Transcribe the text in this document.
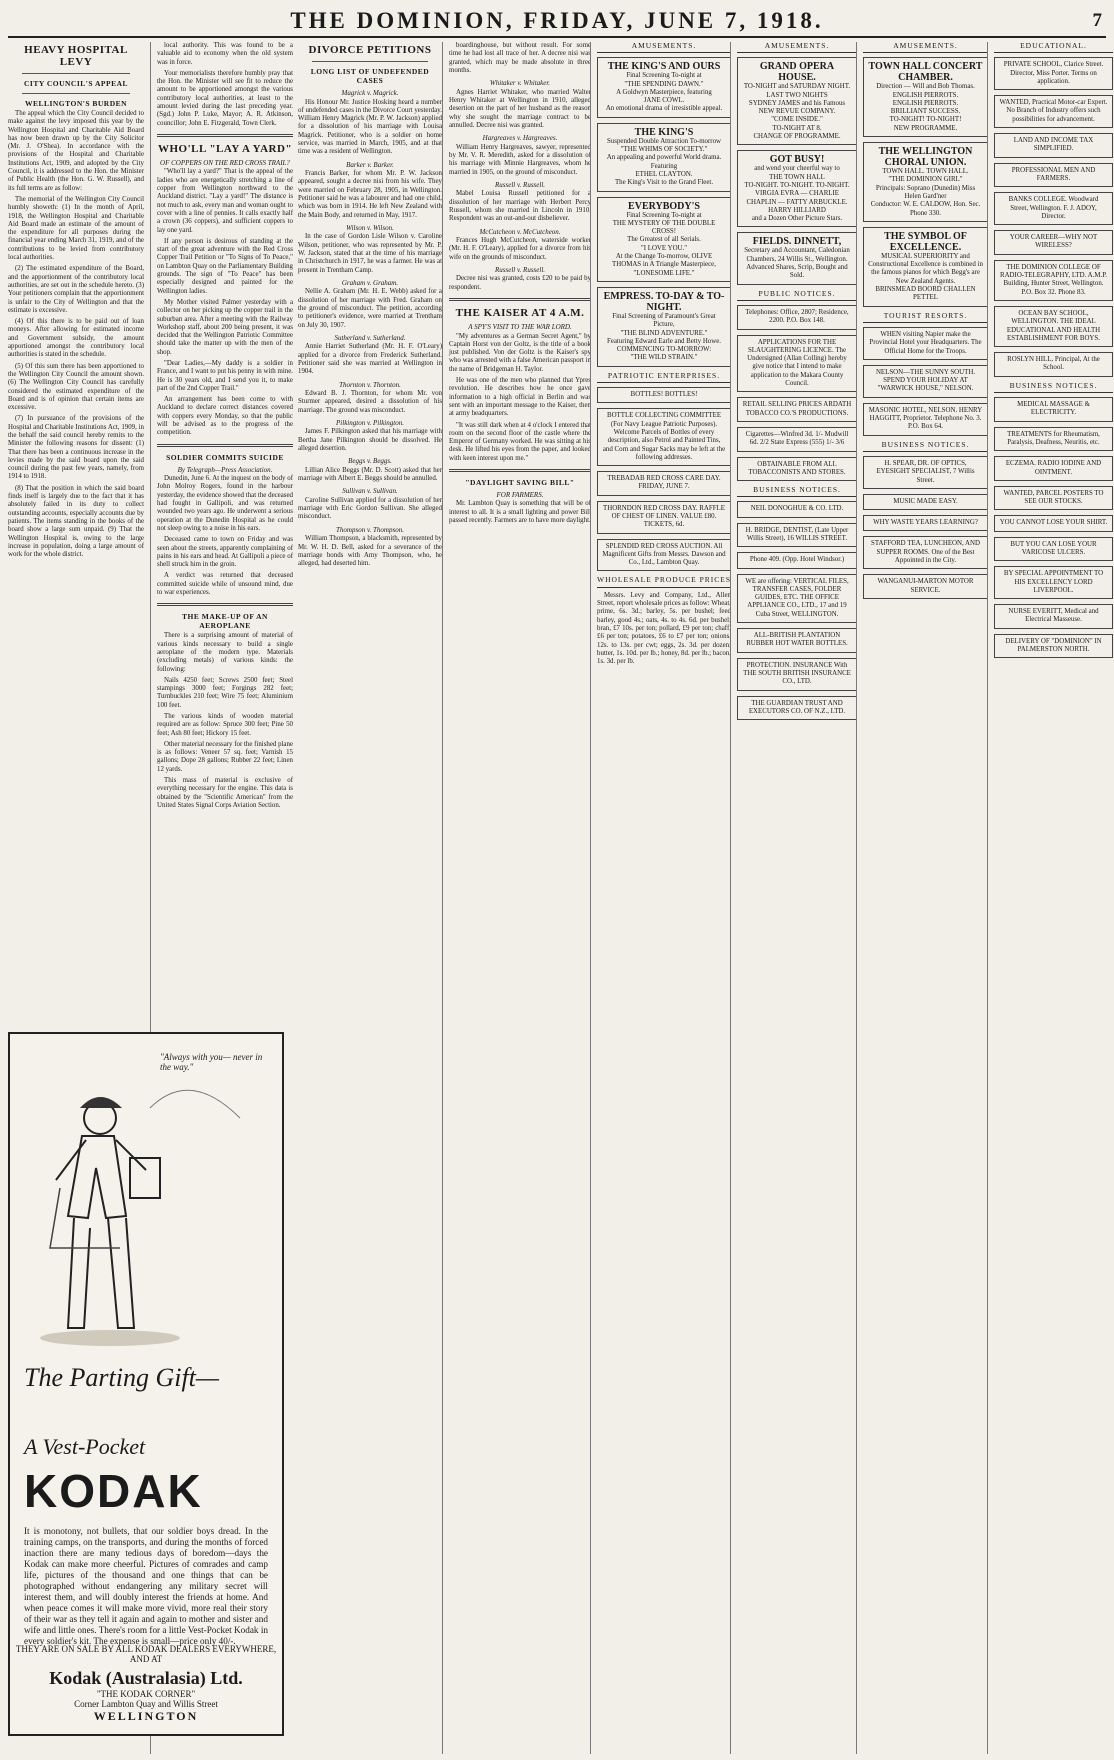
THE DOMINION, FRIDAY, JUNE 7, 1918.	7
HEAVY HOSPITAL LEVY
CITY COUNCIL'S APPEAL
WELLINGTON'S BURDEN

The appeal which the City Council decided to make against the levy imposed this year by the Wellington Hospital and Charitable Aid Board has now been drawn up by the City Solicitor (Mr. J. O'Shea). In accordance with the provisions of the Hospital and Charitable Institutions Act, 1909, and adopted by the City Council, it is addressed to the Hon. the Minister of Public Health (the Hon. G. W. Russell), and its full terms are as follow:

The memorial of the Wellington City Council humbly showeth: (1) In the month of April, 1918, the Wellington Hospital and Charitable Aid Board made an estimate of the amount of the expenditure for all purposes during the financial year ending March 31, 1919, and of the contributions to be levied from contributory local authorities.

(2) The estimated expenditure of the Board, and the apportionment of the contributory local authorities, are set out in the schedule hereto. (3) Your petitioners complain that the apportionment is unfair to the City of Wellington and that the estimate is excessive.

(4) Of this there is to be paid out of loan moneys. After allowing for estimated income and Government subsidy, the amount apportioned amongst the contributory local authorities is stated in the schedule.

(5) Of this sum there has been apportioned to the Wellington City Council the amount shown. (6) The Wellington City Council has carefully considered the estimated expenditure of the Board and is of opinion that certain items are excessive.

(7) In pursuance of the provisions of the Hospital and Charitable Institutions Act, 1909, in the behalf the said council hereby remits to the Minister the following reasons for dissent: (1) That there has been a continuous increase in the levies made by the said board upon the said council during the past few years, namely, from 1914 to 1918.

(8) That the position in which the said board finds itself is largely due to the fact that it has absolutely failed in its duty to collect outstanding accounts, especially accounts due by patients. The items standing in the books of the board show a large sum unpaid. (9) That the Wellington Hospital is, owing to the large increase in population, doing a large amount of work for the whole district.

local authority. This was found to be a valuable aid to economy when the old system was in force.

Your memorialists therefore humbly pray that the Hon. the Minister will see fit to reduce the amount to be apportioned amongst the various contributory local authorities, at least to the amount levied during the last preceding year. (Sgd.) John P. Luke, Mayor; A. R. Atkinson, councillor; John E. Fitzgerald, Town Clerk.

WHO'LL "LAY A YARD"
OF COPPERS ON THE RED CROSS TRAIL?

"Who'll lay a yard?" That is the appeal of the ladies who are energetically stretching a line of copper from Wellington northward to the Auckland district. "Lay a yard!" The distance is not much to ask, every man and woman ought to cover with a line of pennies. It calls exactly half a crown (36 coppers), and sufficient coppers to lay one yard.

If any person is desirous of standing at the start of the great adventure with the Red Cross Copper Trail Petition or "To Signs of To Peace," on Lambton Quay on the Parliamentary Building grounds. The sign of "To Peace" has been especially designed and painted for the Wellington ladies.

My Mother visited Palmer yesterday with a collector on her picking up the copper trail in the suburban area. After a meeting with the Railway Workshop staff, about 200 being present, it was decided that the Wellington Patriotic Committee should take the matter up with the men of the shop.

"Dear Ladies,—My daddy is a soldier in France, and I want to put his penny in with mine. He is 30 years old, and I send you it, to make part of the 2nd Copper Trail."

An arrangement has been come to with Auckland to declare correct distances covered with coppers every Monday, so that the public will be advised as to the progress of the competition.

SOLDIER COMMITS SUICIDE
By Telegraph—Press Association.

Dunedin, June 6. At the inquest on the body of John Molroy Rogers, found in the harbour yesterday, the evidence showed that the deceased had fought in Gallipoli, and was returned wounded two years ago. He underwent a serious operation at the Dunedin Hospital as he could not sleep owing to a noise in his ears.

Deceased came to town on Friday and was seen about the streets, apparently complaining of pains in his ears and head. At Gallipoli a piece of shell struck him in the groin.

A verdict was returned that deceased committed suicide while of unsound mind, due to war experiences.

THE MAKE-UP OF AN AEROPLANE

There is a surprising amount of material of various kinds necessary to build a single aeroplane of the modern type. Materials (excluding metals) of various kinds: the following:

Nails 4250 feet; Screws 2500 feet; Steel stampings 3000 feet; Forgings 282 feet; Turnbuckles 210 feet; Wire 75 feet; Aluminium 100 feet.

The various kinds of wooden material required are as follow: Spruce 300 feet; Pine 50 feet; Ash 80 feet; Hickory 15 feet.

Other material necessary for the finished plane is as follows: Veneer 57 sq. feet; Varnish 15 gallons; Dope 28 gallons; Rubber 22 feet; Linen 12 yards.

This mass of material is exclusive of everything necessary for the engine. This data is obtained by the "Scientific American" from the United States Signal Corps Aviation Section.

"Always with you— never in the way."
The Parting Gift—
A Vest-Pocket
KODAK
It is monotony, not bullets, that our soldier boys dread. In the training camps, on the transports, and during the months of forced inaction there are many tedious days of boredom—days the Kodak can make more cheerful. Pictures of comrades and camp life, pictures of the thousand and one things that can be photographed without endangering any military secret will interest them, and will doubly interest the friends at home. And when peace comes it will make more vivid, more real their story of their war as they tell it again and again to mother and sister and wife and little ones. There's room for a little Vest-Pocket Kodak in every soldier's kit. The expense is small—price only 40/-.
THEY ARE ON SALE BY ALL KODAK DEALERS EVERYWHERE, AND AT
Kodak (Australasia) Ltd.
"THE KODAK CORNER"
Corner Lambton Quay and Willis Street
WELLINGTON
DIVORCE PETITIONS
LONG LIST OF UNDEFENDED CASES
Magrick v. Magrick.

His Honour Mr. Justice Hosking heard a number of undefended cases in the Divorce Court yesterday. William Henry Magrick (Mr. P. W. Jackson) applied for a dissolution of his marriage with Louisa Magrick. Petitioner, who is a soldier on home service, was married in March, 1905, and at that time was a resident of Wellington.

Barker v. Barker.

Francis Barker, for whom Mr. P. W. Jackson appeared, sought a decree nisi from his wife. They were married on February 28, 1905, in Wellington. Petitioner said he was a labourer and had one child, which was born in 1914. He left New Zealand with the Main Body, and returned in May, 1917.

Wilson v. Wilson.

In the case of Gordon Lisle Wilson v. Caroline Wilson, petitioner, who was represented by Mr. P. W. Jackson, stated that at the time of his marriage in Christchurch in 1917, he was a farmer. He was at present in Trentham Camp.

Graham v. Graham.

Nellie A. Graham (Mr. H. E. Webb) asked for a dissolution of her marriage with Fred. Graham on the ground of misconduct. The petition, according to petitioner's evidence, were married at Trentham on July 30, 1907.

Sutherland v. Sutherland.

Annie Harriet Sutherland (Mr. H. F. O'Leary) applied for a divorce from Frederick Sutherland. Petitioner said she was married at Wellington in 1904.

Thornton v. Thornton.

Edward B. J. Thornton, for whom Mr. von Sturmer appeared, desired a dissolution of his marriage. The ground was misconduct.

Pilkington v. Pilkington.

James F. Pilkington asked that his marriage with Bertha Jane Pilkington should be dissolved. He alleged desertion.

Beggs v. Beggs.

Lillian Alice Beggs (Mr. D. Scott) asked that her marriage with Albert E. Beggs should be annulled.

Sullivan v. Sullivan.

Caroline Sullivan applied for a dissolution of her marriage with Eric Gordon Sullivan. She alleged misconduct.

Thompson v. Thompson.

William Thompson, a blacksmith, represented by Mr. W. H. D. Bell, asked for a severance of the marriage bonds with Amy Thompson, who, he alleged, had deserted him.

boardinghouse, but without result. For some time he had lost all trace of her. A decree nisi was granted, which may be made absolute in three months.

Whitaker v. Whitaker.

Agnes Harriet Whitaker, who married Walter Henry Whitaker at Wellington in 1910, alleged desertion on the part of her husband as the reason why she sought the marriage contract to be annulled. Decree nisi was granted.

Hargreaves v. Hargreaves.

William Henry Hargreaves, sawyer, represented by Mr. V. R. Meredith, asked for a dissolution of his marriage with Minnie Hargreaves, whom he married in 1905, on the ground of misconduct.

Russell v. Russell.

Mabel Louisa Russell petitioned for a dissolution of her marriage with Herbert Percy Russell, whom she married in Lincoln in 1910. Respondent was an out-and-out disbeliever.

McCutcheon v. McCutcheon.

Frances Hugh McCutcheon, waterside worker (Mr. H. F. O'Leary), applied for a divorce from his wife on the grounds of misconduct.

Russell v. Russell.

Decree nisi was granted, costs £20 to be paid by respondent.

THE KAISER AT 4 A.M.
A SPY'S VISIT TO THE WAR LORD.

"My adventures as a German Secret Agent," by Captain Horst von der Goltz, is the title of a book just published. Von der Goltz is the Kaiser's spy who was arrested with a false American passport in the name of Bridgeman H. Taylor.

He was one of the men who planned that Ypres revolution. He describes how he once gave information to a high official in Berlin and was sent with an important message to the Kaiser, then at army headquarters.

"It was still dark when at 4 o'clock I entered that room on the second floor of the castle where the Emperor of Germany worked. He was sitting at his desk. He lifted his eyes from the paper, and looked with keen interest upon me."

"DAYLIGHT SAVING BILL"
FOR FARMERS.

Mr. Lambton Quay is something that will be of interest to all. It is a small lighting and power Bill passed recently. Farmers are to have more daylight.

AMUSEMENTS.
THE KING'S AND OURS
Final Screening To-night at
"THE SPENDING DAWN."
A Goldwyn Masterpiece, featuring
JANE COWL.
An emotional drama of irresistible appeal.
THE KING'S
Suspended Double Attraction To-morrow
"THE WHIMS OF SOCIETY."
An appealing and powerful World drama. Featuring
ETHEL CLAYTON.
The King's Visit to the Grand Fleet.
EVERYBODY'S
Final Screening To-night at
THE MYSTERY OF THE DOUBLE CROSS!
The Greatest of all Serials.
"I LOVE YOU."
At the Change To-morrow, OLIVE THOMAS in A Triangle Masterpiece, "LONESOME LIFE."
EMPRESS. TO-DAY & TO-NIGHT.
Final Screening of Paramount's Great Picture,
"THE BLIND ADVENTURE."
Featuring Edward Earle and Betty Howe.
COMMENCING TO-MORROW:
"THE WILD STRAIN."
PATRIOTIC ENTERPRISES.
BOTTLES! BOTTLES!
BOTTLE COLLECTING COMMITTEE (For Navy League Patriotic Purposes). Welcome Parcels of Bottles of every description, also Petrol and Painted Tins, and Corn and Sugar Sacks may be left at the following addresses.
TREBADAB RED CROSS CARE DAY. FRIDAY, JUNE 7.
THORNDON RED CROSS DAY. RAFFLE OF CHEST OF LINEN. VALUE £80. TICKETS, 6d.
SPLENDID RED CROSS AUCTION. All Magnificent Gifts from Messrs. Dawson and Co., Ltd., Lambton Quay.
WHOLESALE PRODUCE PRICES

Messrs. Levy and Company, Ltd., Allen Street, report wholesale prices as follow: Wheat, prime, 6s. 3d.; barley, 5s. per bushel; feed barley, good 4s.; oats, 4s. to 4s. 6d. per bushel; bran, £7 10s. per ton; pollard, £9 per ton; chaff, £6 per ton; potatoes, £6 to £7 per ton; onions, 12s. to 13s. per cwt; eggs, 2s. 3d. per dozen; butter, 1s. 10d. per lb.; honey, 8d. per lb.; bacon, 1s. 3d. per lb.

AMUSEMENTS.
GRAND OPERA HOUSE.
TO-NIGHT and SATURDAY NIGHT.
LAST TWO NIGHTS
SYDNEY JAMES and his Famous NEW REVUE COMPANY.
"COME INSIDE."
TO-NIGHT AT 8.
CHANGE OF PROGRAMME.
GOT BUSY!
and wend your cheerful way to
THE TOWN HALL
TO-NIGHT. TO-NIGHT. TO-NIGHT.
VIRGIA EVRA — CHARLIE CHAPLIN — FATTY ARBUCKLE.
HARRY HILLIARD
and a Dozen Other Picture Stars.
FIELDS. DINNETT,
Secretary and Accountant, Caledonian Chambers, 24 Willis St., Wellington.
Advanced Shares, Scrip, Bought and Sold.
PUBLIC NOTICES.
Telephones: Office, 2807; Residence, 2200. P.O. Box 148.
APPLICATIONS FOR THE SLAUGHTERING LICENCE. The Undersigned (Allan Colling) hereby give notice that I intend to make application to the Makara County Council.
RETAIL SELLING PRICES ARDATH TOBACCO CO.'S PRODUCTIONS.
Cigarettes—Winfred 3d. 1/- Mudwill 6d. 2/2 State Express (555) 1/- 3/6
OBTAINABLE FROM ALL TOBACCONISTS AND STORES.
BUSINESS NOTICES.
NEIL DONOGHUE & CO. LTD.
H. BRIDGE, DENTIST, (Late Upper Willis Street), 16 WILLIS STREET.
Phone 409. (Opp. Hotel Windsor.)
WE are offering: VERTICAL FILES, TRANSFER CASES, FOLDER GUIDES, ETC. THE OFFICE APPLIANCE CO., LTD., 17 and 19 Cuba Street, WELLINGTON.
ALL-BRITISH PLANTATION RUBBER HOT WATER BOTTLES.
PROTECTION. INSURANCE With THE SOUTH BRITISH INSURANCE CO., LTD.
THE GUARDIAN TRUST AND EXECUTORS CO. OF N.Z., LTD.
AMUSEMENTS.
TOWN HALL CONCERT CHAMBER.
Direction — Will and Bob Thomas.
ENGLISH PIERROTS.
ENGLISH PIERROTS.
BRILLIANT SUCCESS.
TO-NIGHT! TO-NIGHT!
NEW PROGRAMME.
THE WELLINGTON CHORAL UNION.
TOWN HALL. TOWN HALL.
"THE DOMINION GIRL"
Principals: Soprano (Dunedin) Miss Helen Gard'ner
Conductor: W. E. CALDOW, Hon. Sec.
Phone 330.
THE SYMBOL OF EXCELLENCE.
MUSICAL SUPERIORITY and Constructional Excellence is combined in the famous pianos for which Begg's are New Zealand Agents.
BRINSMEAD BOORD CHALLEN PETTEL
TOURIST RESORTS.
WHEN visiting Napier make the Provincial Hotel your Headquarters. The Official Home for the Troops.
NELSON—THE SUNNY SOUTH. SPEND YOUR HOLIDAY AT "WARWICK HOUSE," NELSON.
MASONIC HOTEL, NELSON. HENRY HAGGITT, Proprietor. Telephone No. 3. P.O. Box 64.
BUSINESS NOTICES.
H. SPEAR, DR. OF OPTICS, EYESIGHT SPECIALIST, 7 Willis Street.
MUSIC MADE EASY.
WHY WASTE YEARS LEARNING?
STAFFORD TEA, LUNCHEON, AND SUPPER ROOMS. One of the Best Appointed in the City.
WANGANUI-MARTON MOTOR SERVICE.
EDUCATIONAL.
PRIVATE SCHOOL, Clarice Street. Director, Miss Porter. Terms on application.
WANTED, Practical Motor-car Expert. No Branch of Industry offers such possibilities for advancement.
LAND AND INCOME TAX SIMPLIFIED.
PROFESSIONAL MEN AND FARMERS.
BANKS COLLEGE. Woodward Street, Wellington. F. J. ADOY, Director.
YOUR CAREER—WHY NOT WIRELESS?
THE DOMINION COLLEGE OF RADIO-TELEGRAPHY, LTD. A.M.P. Building, Hunter Street, Wellington. P.O. Box 32. Phone 83.
OCEAN BAY SCHOOL, WELLINGTON. THE IDEAL EDUCATIONAL AND HEALTH ESTABLISHMENT FOR BOYS.
ROSLYN HILL, Principal, At the School.
BUSINESS NOTICES.
MEDICAL MASSAGE & ELECTRICITY.
TREATMENTS for Rheumatism, Paralysis, Deafness, Neuritis, etc.
ECZEMA. RADIO IODINE AND OINTMENT.
WANTED, PARCEL POSTERS TO SEE OUR STOCKS.
YOU CANNOT LOSE YOUR SHIRT.
BUT YOU CAN LOSE YOUR VARICOSE ULCERS.
BY SPECIAL APPOINTMENT TO HIS EXCELLENCY LORD LIVERPOOL.
NURSE EVERITT, Medical and Electrical Masseuse.
DELIVERY OF "DOMINION" IN PALMERSTON NORTH.
